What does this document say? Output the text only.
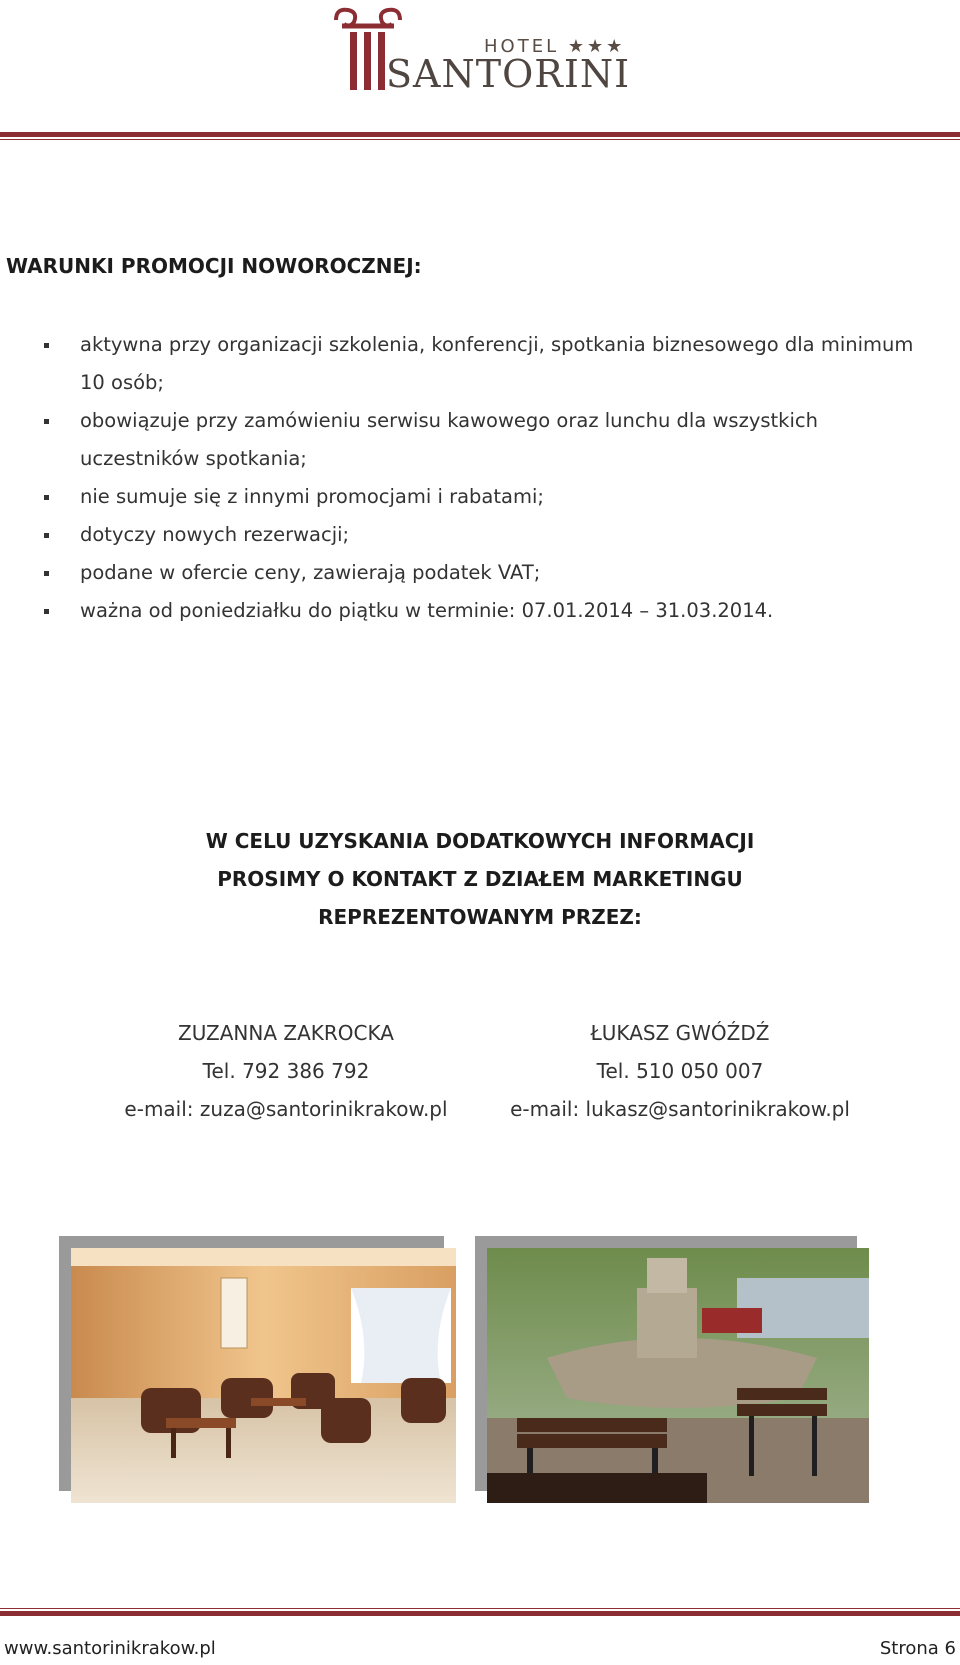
HOTEL ★★★
SANTORINI
WARUNKI PROMOCJI NOWOROCZNEJ:
aktywna przy organizacji szkolenia, konferencji, spotkania biznesowego dla minimum 10 osób;
obowiązuje przy zamówieniu serwisu kawowego oraz lunchu dla wszystkich uczestników spotkania;
nie sumuje się z innymi promocjami i rabatami;
dotyczy nowych rezerwacji;
podane w ofercie ceny, zawierają podatek VAT;
ważna od poniedziałku do piątku w terminie: 07.01.2014 – 31.03.2014.
W CELU UZYSKANIA DODATKOWYCH INFORMACJI
PROSIMY O KONTAKT Z DZIAŁEM MARKETINGU
REPREZENTOWANYM PRZEZ:
ZUZANNA ZAKROCKA
Tel. 792 386 792
e-mail: zuza@santorinikrakow.pl
ŁUKASZ GWÓŹDŹ
Tel. 510 050 007
e-mail: lukasz@santorinikrakow.pl
www.santorinikrakow.pl	Strona 6
